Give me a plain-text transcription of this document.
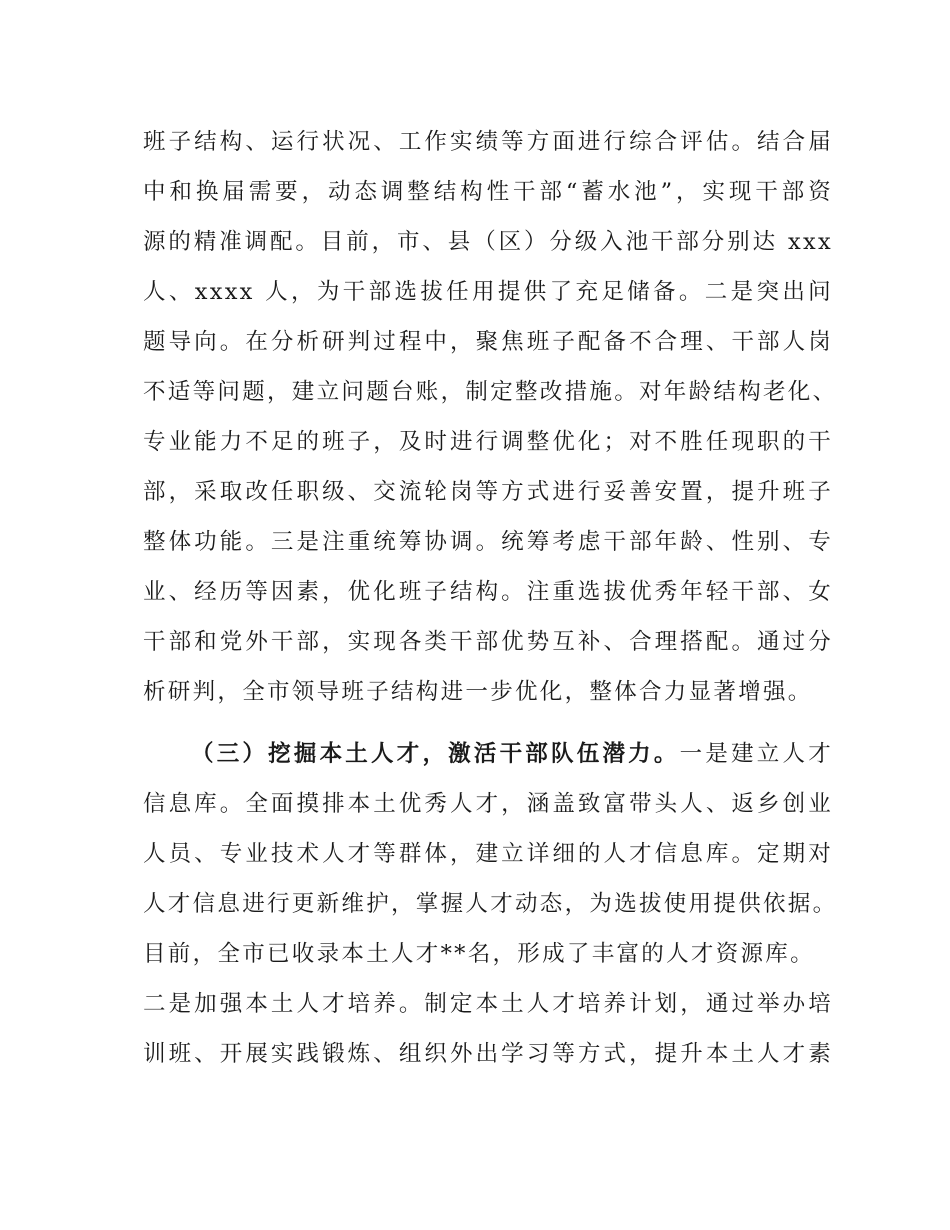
班子结构、运行状况、工作实绩等方面进行综合评估。结合届
中和换届需要，动态调整结构性干部“蓄水池”，实现干部资
源的精准调配。目前，市、县（区）分级入池干部分别达 xxx
人、xxxx 人，为干部选拔任用提供了充足储备。二是突出问
题导向。在分析研判过程中，聚焦班子配备不合理、干部人岗
不适等问题，建立问题台账，制定整改措施。对年龄结构老化、
专业能力不足的班子，及时进行调整优化；对不胜任现职的干
部，采取改任职级、交流轮岗等方式进行妥善安置，提升班子
整体功能。三是注重统筹协调。统筹考虑干部年龄、性别、专
业、经历等因素，优化班子结构。注重选拔优秀年轻干部、女
干部和党外干部，实现各类干部优势互补、合理搭配。通过分
析研判，全市领导班子结构进一步优化，整体合力显著增强。
（三）挖掘本土人才，激活干部队伍潜力。一是建立人才
信息库。全面摸排本土优秀人才，涵盖致富带头人、返乡创业
人员、专业技术人才等群体，建立详细的人才信息库。定期对
人才信息进行更新维护，掌握人才动态，为选拔使用提供依据。
目前，全市已收录本土人才**名，形成了丰富的人才资源库。
二是加强本土人才培养。制定本土人才培养计划，通过举办培
训班、开展实践锻炼、组织外出学习等方式，提升本土人才素
